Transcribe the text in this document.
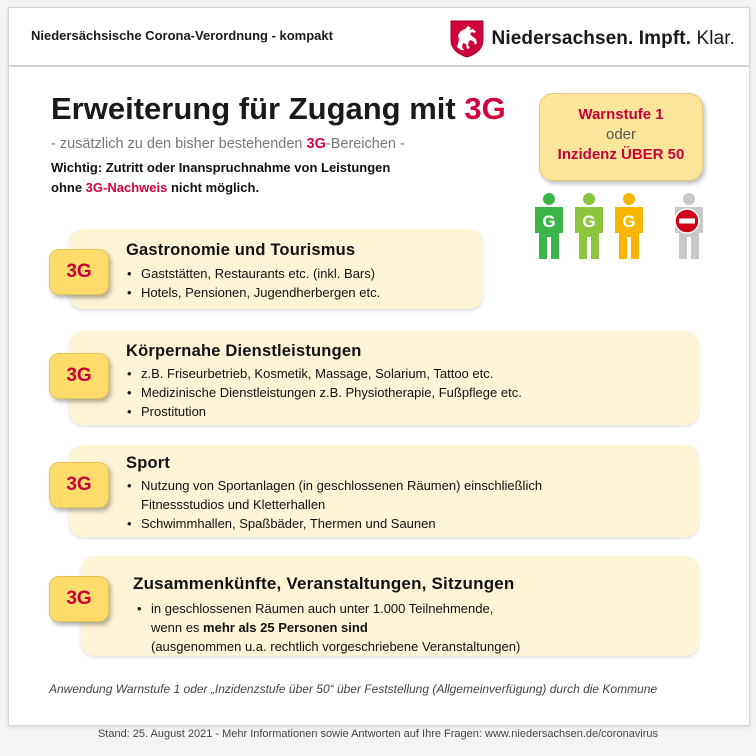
Niedersächsische Corona-Verordnung - kompakt	Niedersachsen. Impft. Klar.
Erweiterung für Zugang mit 3G
- zusätzlich zu den bisher bestehenden 3G-Bereichen -
Wichtig: Zutritt oder Inanspruchnahme von Leistungen
ohne 3G-Nachweis nicht möglich.
Warnstufe 1
oder
Inzidenz ÜBER 50
G G G
3G
Gastronomie und Tourismus
• Gaststätten, Restaurants etc. (inkl. Bars)
• Hotels, Pensionen, Jugendherbergen etc.
3G
Körpernahe Dienstleistungen
• z.B. Friseurbetrieb, Kosmetik, Massage, Solarium, Tattoo etc.
• Medizinische Dienstleistungen z.B. Physiotherapie, Fußpflege etc.
• Prostitution
3G
Sport
• Nutzung von Sportanlagen (in geschlossenen Räumen) einschließlich Fitnessstudios und Kletterhallen
• Schwimmhallen, Spaßbäder, Thermen und Saunen
3G
Zusammenkünfte, Veranstaltungen, Sitzungen
• in geschlossenen Räumen auch unter 1.000 Teilnehmende,
wenn es mehr als 25 Personen sind
(ausgenommen u.a. rechtlich vorgeschriebene Veranstaltungen)
Anwendung Warnstufe 1 oder „Inzidenzstufe über 50“ über Feststellung (Allgemeinverfügung) durch die Kommune
Stand: 25. August 2021 - Mehr Informationen sowie Antworten auf Ihre Fragen: www.niedersachsen.de/coronavirus
